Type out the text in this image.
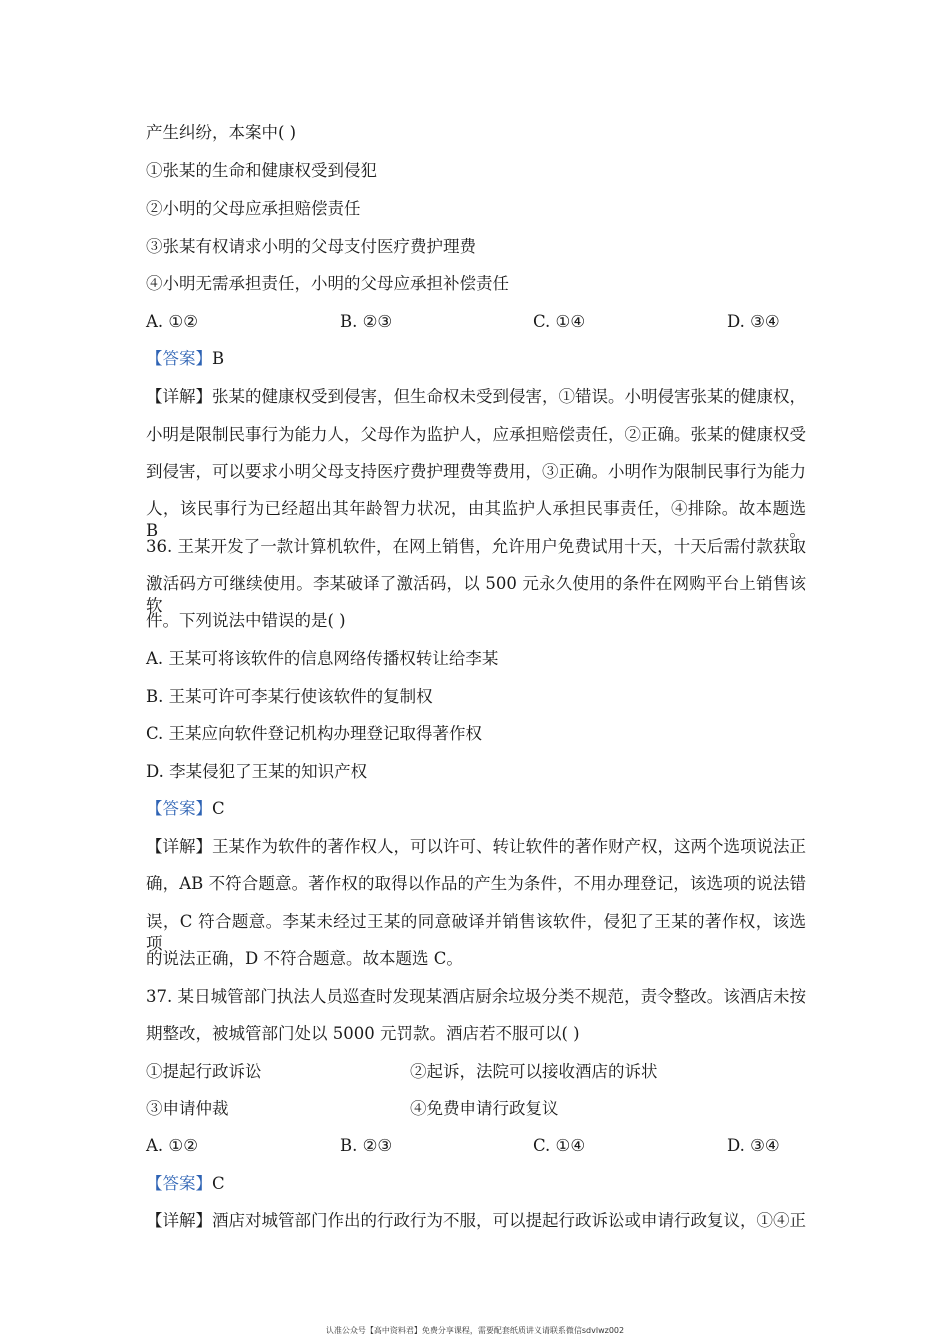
产生纠纷，本案中( )
①张某的生命和健康权受到侵犯
②小明的父母应承担赔偿责任
③张某有权请求小明的父母支付医疗费护理费
④小明无需承担责任，小明的父母应承担补偿责任
A. ①②	B. ②③	C. ①④	D. ③④
【答案】B
【详解】张某的健康权受到侵害，但生命权未受到侵害，①错误。小明侵害张某的健康权，
小明是限制民事行为能力人，父母作为监护人，应承担赔偿责任，②正确。张某的健康权受
到侵害，可以要求小明父母支持医疗费护理费等费用，③正确。小明作为限制民事行为能力
人，该民事行为已经超出其年龄智力状况，由其监护人承担民事责任，④排除。故本题选 B。
36. 王某开发了一款计算机软件，在网上销售，允许用户免费试用十天，十天后需付款获取
激活码方可继续使用。李某破译了激活码，以 500 元永久使用的条件在网购平台上销售该软
件。下列说法中错误的是( )
A. 王某可将该软件的信息网络传播权转让给李某
B. 王某可许可李某行使该软件的复制权
C. 王某应向软件登记机构办理登记取得著作权
D. 李某侵犯了王某的知识产权
【答案】C
【详解】王某作为软件的著作权人，可以许可、转让软件的著作财产权，这两个选项说法正
确，AB 不符合题意。著作权的取得以作品的产生为条件，不用办理登记，该选项的说法错
误，C 符合题意。李某未经过王某的同意破译并销售该软件，侵犯了王某的著作权，该选项
的说法正确，D 不符合题意。故本题选 C。
37. 某日城管部门执法人员巡查时发现某酒店厨余垃圾分类不规范，责令整改。该酒店未按
期整改，被城管部门处以 5000 元罚款。酒店若不服可以( )
①提起行政诉讼	②起诉，法院可以接收酒店的诉状
③申请仲裁	④免费申请行政复议
A. ①②	B. ②③	C. ①④	D. ③④
【答案】C
【详解】酒店对城管部门作出的行政行为不服，可以提起行政诉讼或申请行政复议，①④正
认准公众号【高中资料君】免费分享课程，需要配套纸质讲义请联系微信sdvlwz002
